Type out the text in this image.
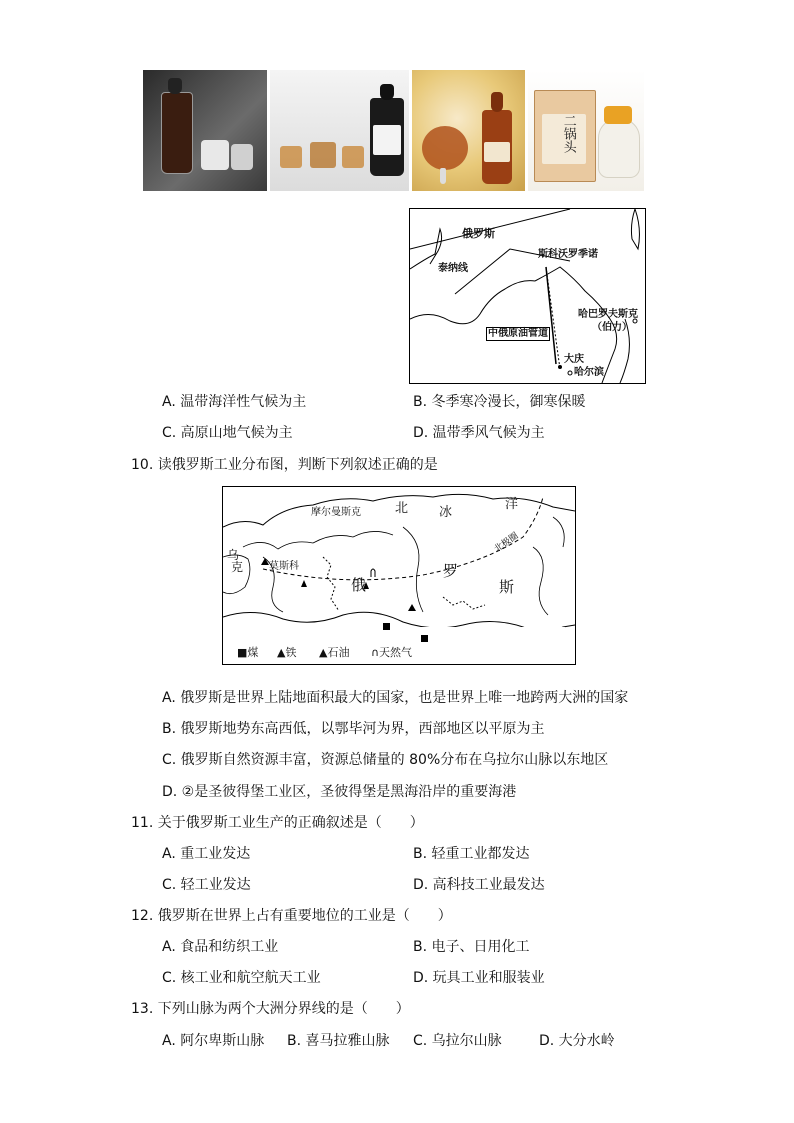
二锅头
俄罗斯
斯科沃罗季诺
泰纳线
中俄原油管道
哈巴罗夫斯克
（伯力）
大庆
哈尔滨
A. 温带海洋性气候为主	B. 冬季寒冷漫长，御寒保暖
C. 高原山地气候为主	D. 温带季风气候为主
10. 读俄罗斯工业分布图，判断下列叙述正确的是
摩尔曼斯克	北 冰
洋
北极圈
乌
克	莫斯科
俄
罗
斯
■煤 ▲铁 ▲石油 ∩天然气
A. 俄罗斯是世界上陆地面积最大的国家，也是世界上唯一地跨两大洲的国家
B. 俄罗斯地势东高西低，以鄂毕河为界，西部地区以平原为主
C. 俄罗斯自然资源丰富，资源总储量的 80%分布在乌拉尔山脉以东地区
D. ②是圣彼得堡工业区，圣彼得堡是黑海沿岸的重要海港
11. 关于俄罗斯工业生产的正确叙述是（　　）
A. 重工业发达	B. 轻重工业都发达
C. 轻工业发达	D. 高科技工业最发达
12. 俄罗斯在世界上占有重要地位的工业是（　　）
A. 食品和纺织工业	B. 电子、日用化工
C. 核工业和航空航天工业	D. 玩具工业和服装业
13. 下列山脉为两个大洲分界线的是（　　）
A. 阿尔卑斯山脉 B. 喜马拉雅山脉 C. 乌拉尔山脉	D. 大分水岭
